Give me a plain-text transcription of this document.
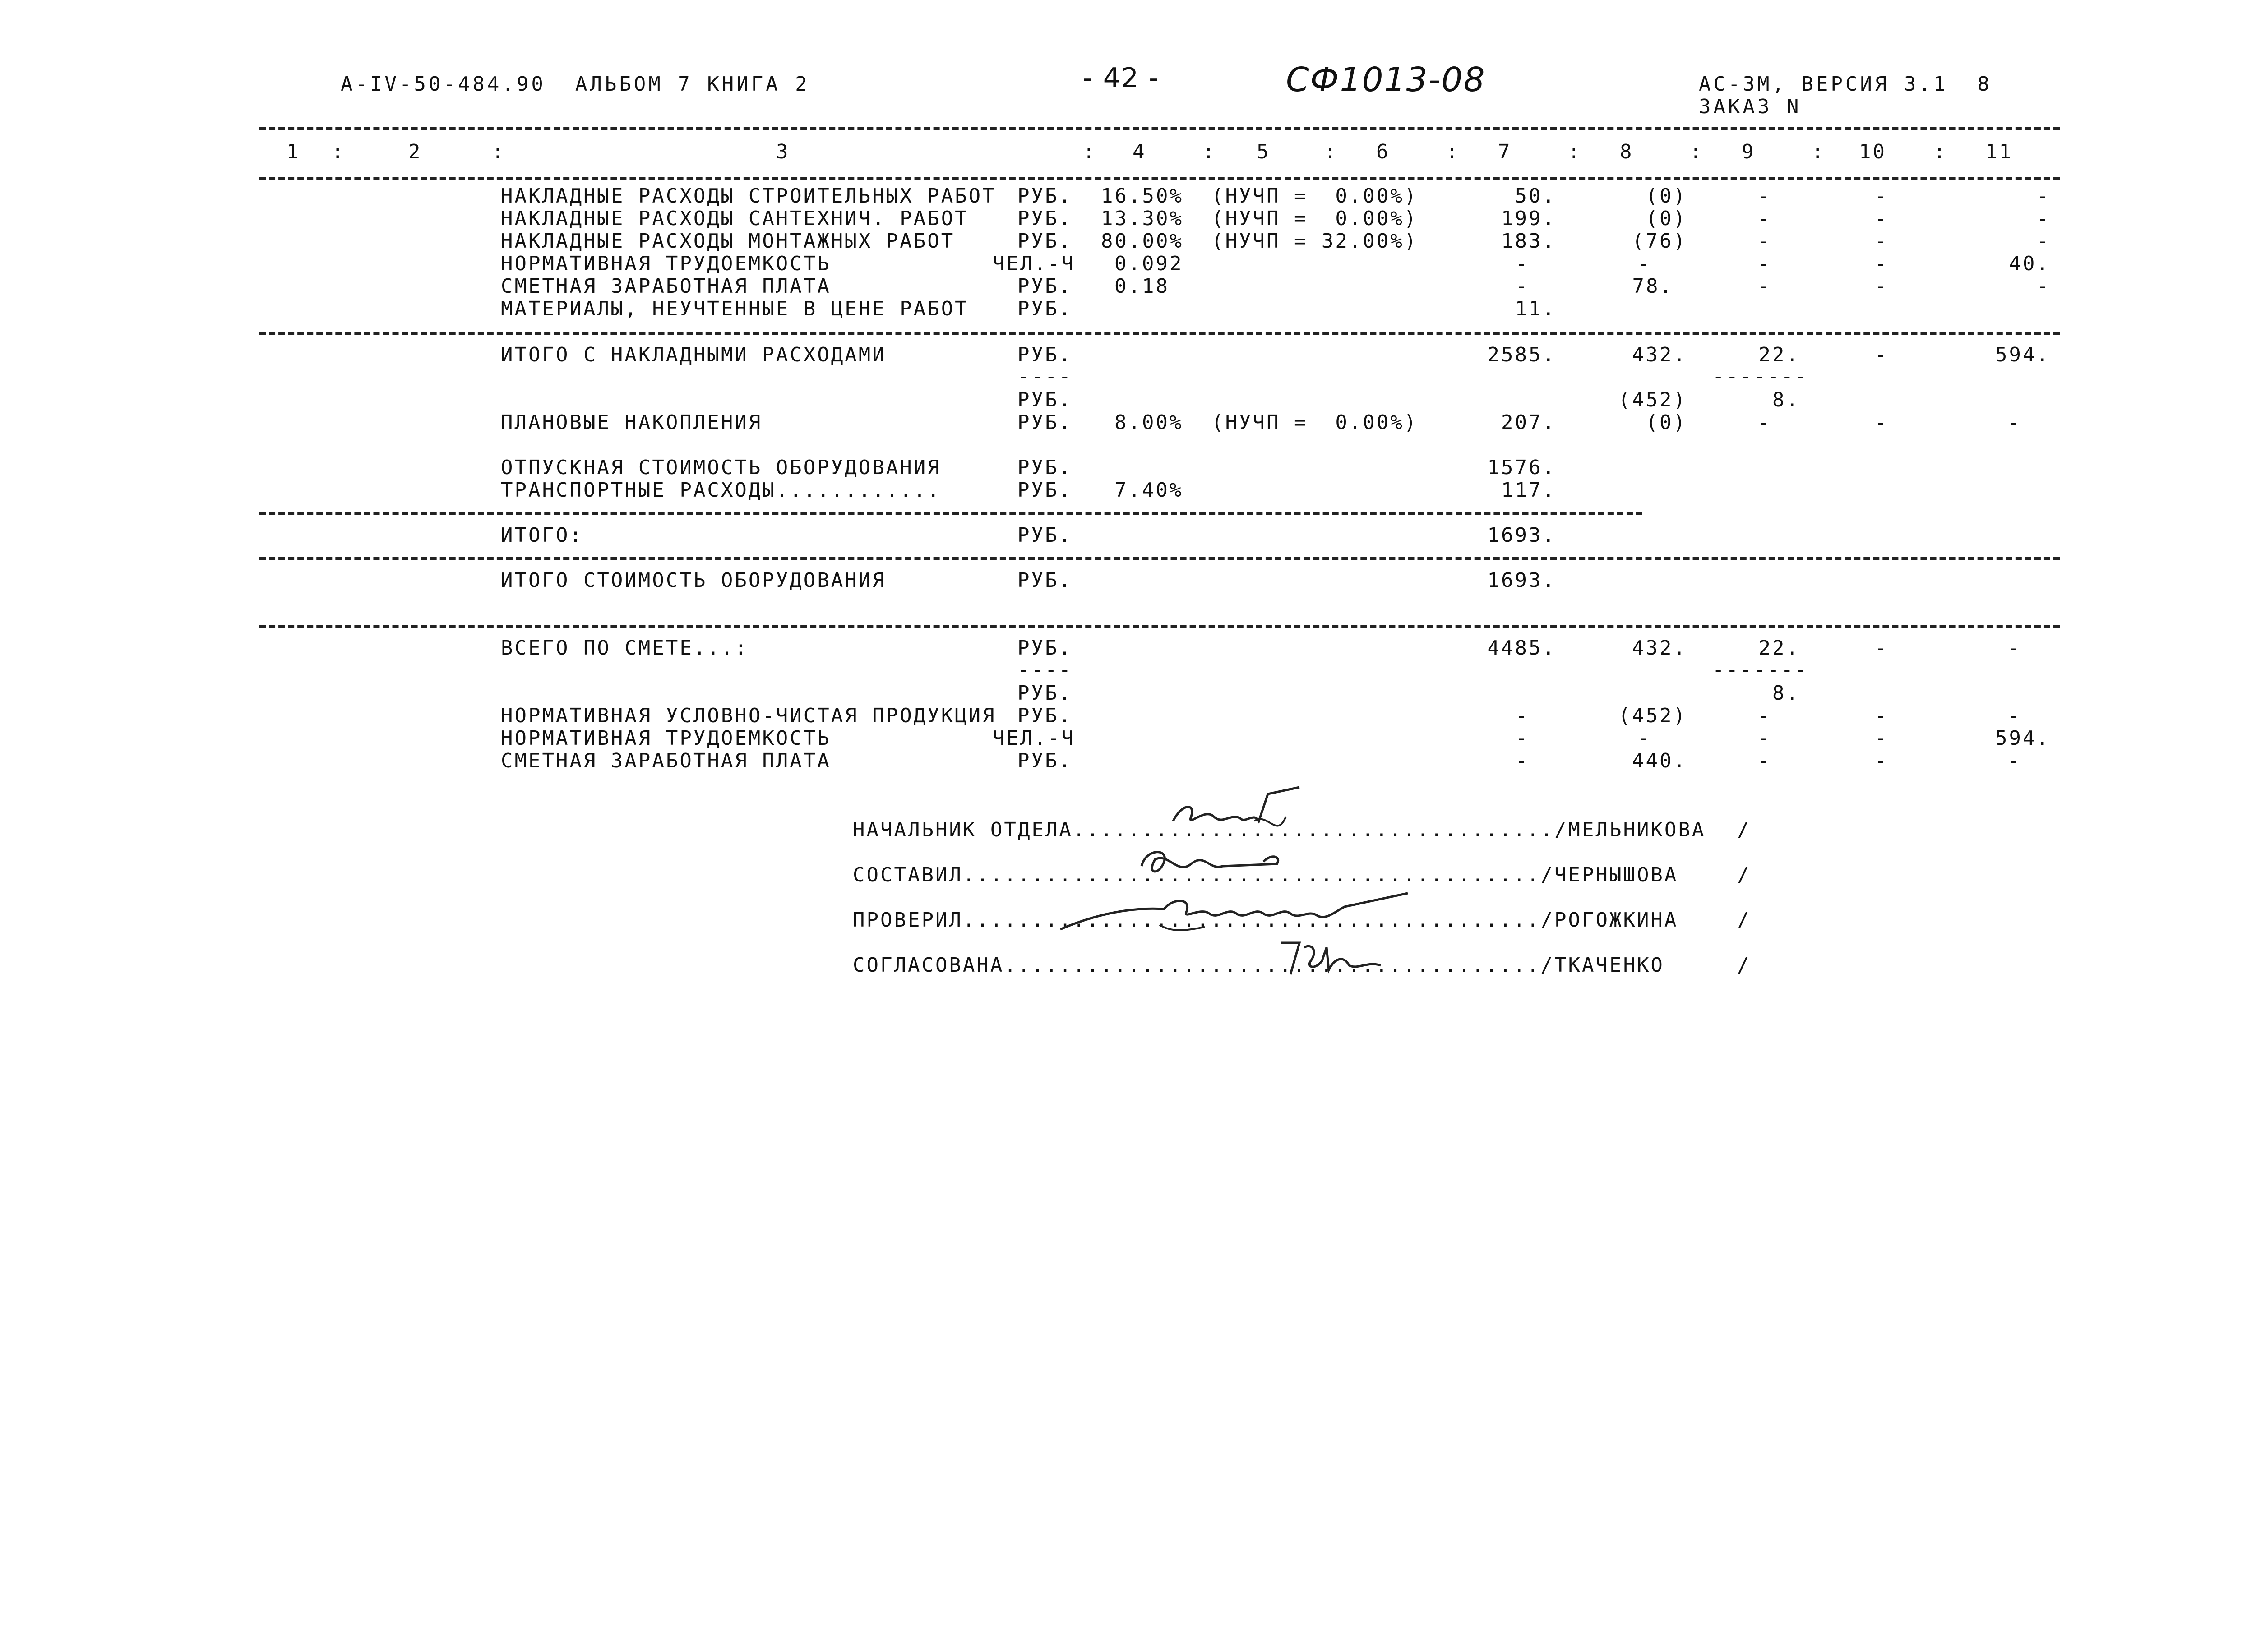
А-IV-50-484.90  АЛЬБОМ 7 КНИГА 2	- 42 -	СФ1013-08	АС-3М, ВЕРСИЯ 3.1  8
ЗАКАЗ N
1 :	2	:	3	: 4	: 5	: 6	: 7	: 8	: 9	: 10 : 11
НАКЛАДНЫЕ РАСХОДЫ СТРОИТЕЛЬНЫХ РАБОТ РУБ. 16.50% (НУЧП =  0.00%)	50.	(0)	-	-	-
НАКЛАДНЫЕ РАСХОДЫ САНТЕХНИЧ. РАБОТ РУБ. 13.30% (НУЧП =  0.00%)	199.	(0)	-	-	-
НАКЛАДНЫЕ РАСХОДЫ МОНТАЖНЫХ РАБОТ	РУБ. 80.00% (НУЧП = 32.00%)	183.	(76)	-	-	-
НОРМАТИВНАЯ ТРУДОЕМКОСТЬ	ЧЕЛ.-Ч 0.092	-	-	-	-	40.
СМЕТНАЯ ЗАРАБОТНАЯ ПЛАТА	РУБ. 0.18	-	78.	-	-	-
МАТЕРИАЛЫ, НЕУЧТЕННЫЕ В ЦЕНЕ РАБОТ РУБ.	11.
ИТОГО С НАКЛАДНЫМИ РАСХОДАМИ	РУБ.	2585.	432.	22.	-	594.
----	-------
РУБ.	(452)	8.
ПЛАНОВЫЕ НАКОПЛЕНИЯ	РУБ. 8.00% (НУЧП =  0.00%)	207.	(0)	-	-	-
ОТПУСКНАЯ СТОИМОСТЬ ОБОРУДОВАНИЯ	РУБ.	1576.
ТРАНСПОРТНЫЕ РАСХОДЫ............	РУБ. 7.40%	117.
ИТОГО:	РУБ.	1693.
ИТОГО СТОИМОСТЬ ОБОРУДОВАНИЯ	РУБ.	1693.
ВСЕГО ПО СМЕТЕ...:	РУБ.	4485.	432.	22.	-	-
----	-------
РУБ.	8.
НОРМАТИВНАЯ УСЛОВНО-ЧИСТАЯ ПРОДУКЦИЯ РУБ.	-	(452)	-	-	-
НОРМАТИВНАЯ ТРУДОЕМКОСТЬ	ЧЕЛ.-Ч	-	-	-	-	594.
СМЕТНАЯ ЗАРАБОТНАЯ ПЛАТА	РУБ.	-	440.	-	-	-
НАЧАЛЬНИК ОТДЕЛА.................................../МЕЛЬНИКОВА /
СОСТАВИЛ........................................../ЧЕРНЫШОВА	/
ПРОВЕРИЛ........................................../РОГОЖКИНА	/
СОГЛАСОВАНА......................................./ТКАЧЕНКО	/
